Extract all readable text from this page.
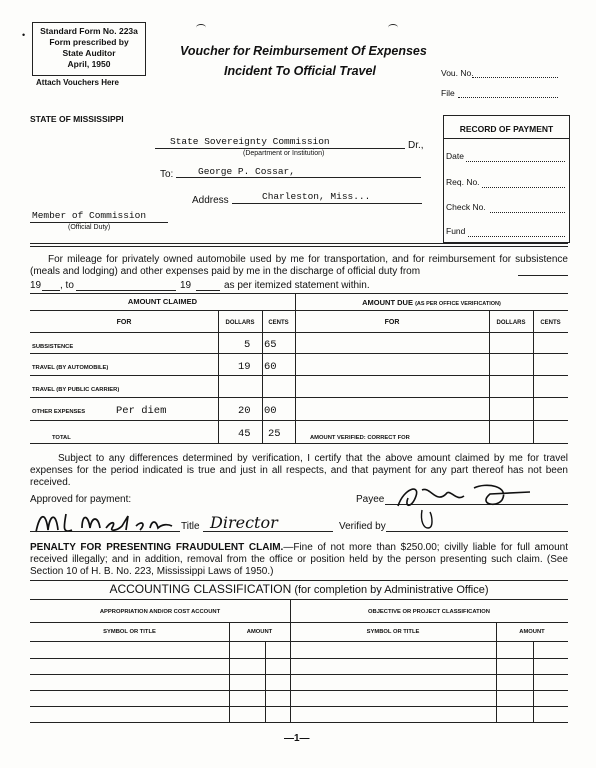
•	Standard Form No. 223a
Form prescribed by
State Auditor
April, 1950
Attach Vouchers Here
Voucher for Reimbursement Of Expenses
Incident To Official Travel	Vou. No.
File
STATE OF MISSISSIPPI
State Sovereignty Commission	Dr.,
(Department or Institution)
To:	George P. Cossar,
Address	Charleston, Miss...
Member of Commission
(Official Duty)
RECORD OF PAYMENT
Date
Req. No.
Check No.
Fund
For mileage for privately owned automobile used by me for transportation, and for reimbursement for subsistence (meals and lodging) and other expenses paid by me in the discharge of official duty from
19 , to	19	as per itemized statement within.
AMOUNT CLAIMED	AMOUNT DUE (AS PER OFFICE VERIFICATION)
FOR	DOLLARS	CENTS	FOR	DOLLARS	CENTS
SUBSISTENCE	5 65
TRAVEL (BY AUTOMOBILE)	19 60
TRAVEL (BY PUBLIC CARRIER)
OTHER EXPENSES	Per diem	20 00
TOTAL	45 25	AMOUNT VERIFIED: CORRECT FOR
Subject to any differences determined by verification, I certify that the above amount claimed by me for travel expenses for the period indicated is true and just in all respects, and that payment for any part thereof has not been received.
Approved for payment:	Payee
Title Director	Verified by
PENALTY FOR PRESENTING FRAUDULENT CLAIM.—Fine of not more than $250.00; civilly liable for full amount received illegally; and in addition, removal from the office or position held by the person presenting such claim. (See Section 10 of H. B. No. 223, Mississippi Laws of 1950.)
ACCOUNTING CLASSIFICATION (for completion by Administrative Office)
APPROPRIATION AND/OR COST ACCOUNT	OBJECTIVE OR PROJECT CLASSIFICATION
SYMBOL OR TITLE	AMOUNT	SYMBOL OR TITLE	AMOUNT
—1—
